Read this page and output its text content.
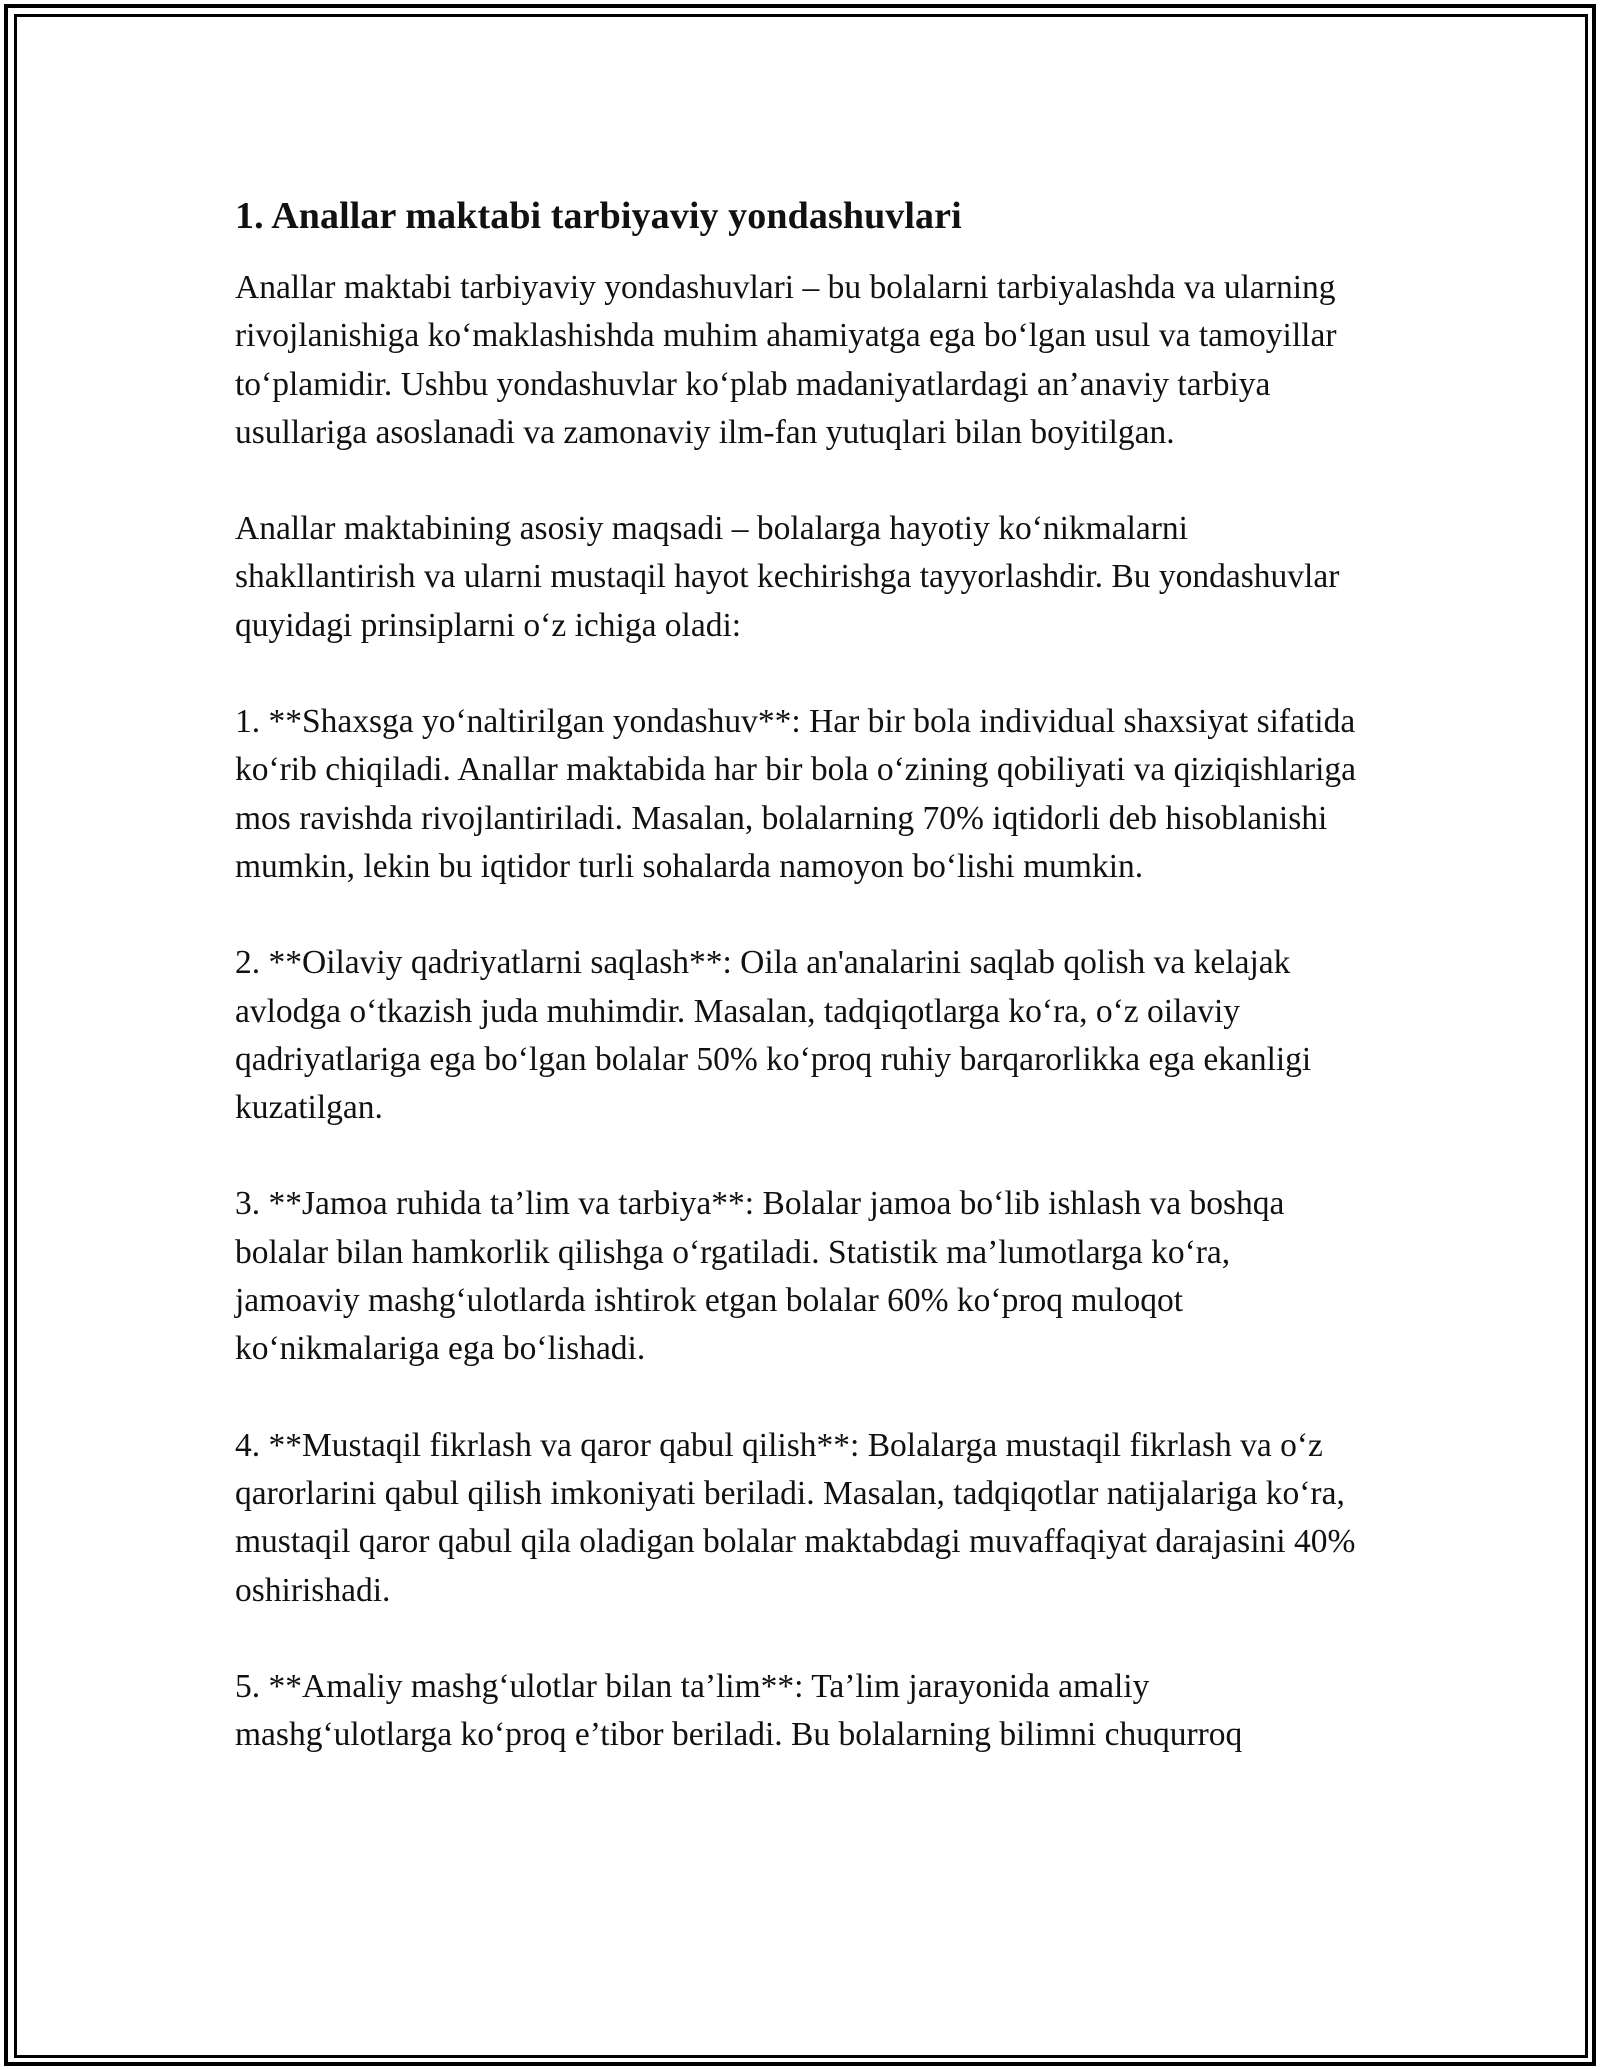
1. Anallar maktabi tarbiyaviy yondashuvlari

Anallar maktabi tarbiyaviy yondashuvlari – bu bolalarni tarbiyalashda va ularning rivojlanishiga ko‘maklashishda muhim ahamiyatga ega bo‘lgan usul va tamoyillar to‘plamidir. Ushbu yondashuvlar ko‘plab madaniyatlardagi an’anaviy tarbiya usullariga asoslanadi va zamonaviy ilm-fan yutuqlari bilan boyitilgan.

Anallar maktabining asosiy maqsadi – bolalarga hayotiy ko‘nikmalarni shakllantirish va ularni mustaqil hayot kechirishga tayyorlashdir. Bu yondashuvlar quyidagi prinsiplarni o‘z ichiga oladi:

1. **Shaxsga yo‘naltirilgan yondashuv**: Har bir bola individual shaxsiyat sifatida ko‘rib chiqiladi. Anallar maktabida har bir bola o‘zining qobiliyati va qiziqishlariga mos ravishda rivojlantiriladi. Masalan, bolalarning 70% iqtidorli deb hisoblanishi mumkin, lekin bu iqtidor turli sohalarda namoyon bo‘lishi mumkin.

2. **Oilaviy qadriyatlarni saqlash**: Oila an'analarini saqlab qolish va kelajak avlodga o‘tkazish juda muhimdir. Masalan, tadqiqotlarga ko‘ra, o‘z oilaviy qadriyatlariga ega bo‘lgan bolalar 50% ko‘proq ruhiy barqarorlikka ega ekanligi kuzatilgan.

3. **Jamoa ruhida ta’lim va tarbiya**: Bolalar jamoa bo‘lib ishlash va boshqa bolalar bilan hamkorlik qilishga o‘rgatiladi. Statistik ma’lumotlarga ko‘ra, jamoaviy mashg‘ulotlarda ishtirok etgan bolalar 60% ko‘proq muloqot ko‘nikmalariga ega bo‘lishadi.

4. **Mustaqil fikrlash va qaror qabul qilish**: Bolalarga mustaqil fikrlash va o‘z qarorlarini qabul qilish imkoniyati beriladi. Masalan, tadqiqotlar natijalariga ko‘ra, mustaqil qaror qabul qila oladigan bolalar maktabdagi muvaffaqiyat darajasini 40% oshirishadi.

5. **Amaliy mashg‘ulotlar bilan ta’lim**: Ta’lim jarayonida amaliy mashg‘ulotlarga ko‘proq e’tibor beriladi. Bu bolalarning bilimni chuqurroq
